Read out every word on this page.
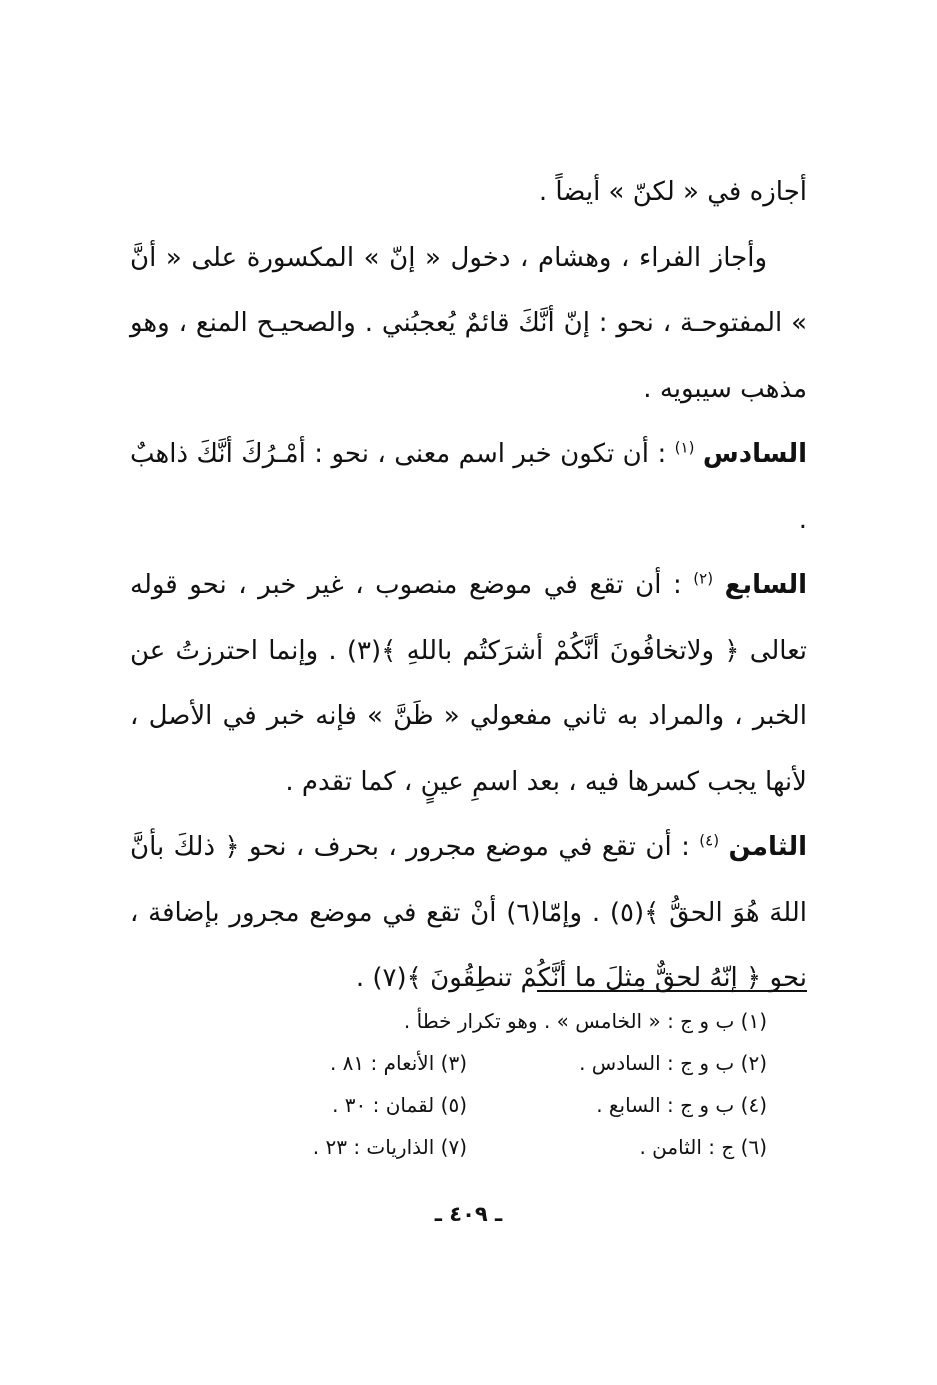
أجازه في « لكنّ » أيضاً .

وأجاز الفراء ، وهشام ، دخول « إنّ » المكسورة على « أنَّ » المفتوحـة ، نحو : إنّ أنَّكَ قائمٌ يُعجبُني . والصحيـح المنع ، وهو مذهب سيبويه .

السادس $^{(١)}$ : أن تكون خبر اسم معنى ، نحو : أمْـرُكَ أنَّكَ ذاهبٌ .

السابع $^{(٢)}$ : أن تقع في موضع منصوب ، غير خبر ، نحو قوله تعالى ﴿ ولاتخافُونَ أنَّكُمْ أشرَكتُم باللهِ ﴾(٣) . وإنما احترزتُ عن الخبر ، والمراد به ثاني مفعولي « ظَنَّ » فإنه خبر في الأصل ، لأنها يجب كسرها فيه ، بعد اسمِ عينٍ ، كما تقدم .

الثامن $^{(٤)}$ : أن تقع في موضع مجرور ، بحرف ، نحو ﴿ ذلكَ بأنَّ اللهَ هُوَ الحقُّ ﴾(٥) . وإمّا(٦) أنْ تقع في موضع مجرور بإضافة ، نحو ﴿ إنّهُ لحقٌّ مِثلَ ما أنَّكُمْ تنطِقُونَ ﴾(٧) .

(١) ب و ج : « الخامس » . وهو تكرار خطأ .
(٢) ب و ج : السادس .
(٣) الأنعام : ٨١ .
(٤) ب و ج : السابع .
(٥) لقمان : ٣٠ .
(٦) ج : الثامن .
(٧) الذاريات : ٢٣ .
ـ ٤٠٩ ـ
